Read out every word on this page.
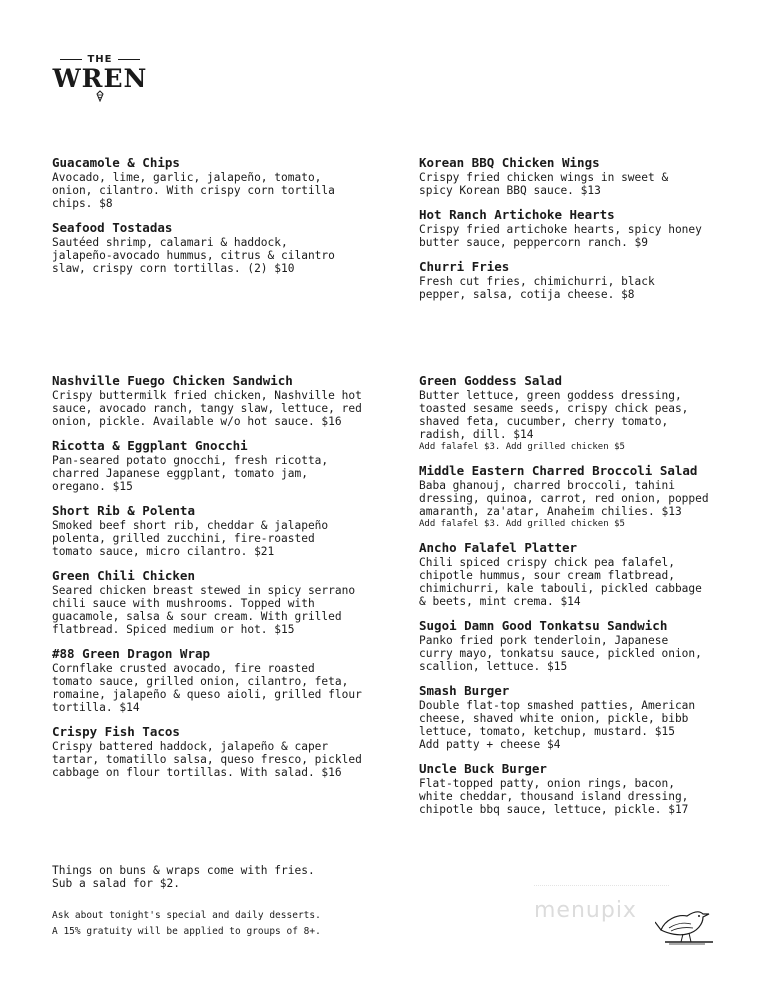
THE
WREN
Guacamole & Chips
Avocado, lime, garlic, jalapeño, tomato,
onion, cilantro. With crispy corn tortilla
chips. $8
Seafood Tostadas
Sautéed shrimp, calamari & haddock,
jalapeño-avocado hummus, citrus & cilantro
slaw, crispy corn tortillas. (2) $10
Korean BBQ Chicken Wings
Crispy fried chicken wings in sweet &
spicy Korean BBQ sauce. $13
Hot Ranch Artichoke Hearts
Crispy fried artichoke hearts, spicy honey
butter sauce, peppercorn ranch. $9
Churri Fries
Fresh cut fries, chimichurri, black
pepper, salsa, cotija cheese. $8
Nashville Fuego Chicken Sandwich
Crispy buttermilk fried chicken, Nashville hot
sauce, avocado ranch, tangy slaw, lettuce, red
onion, pickle. Available w/o hot sauce. $16
Ricotta & Eggplant Gnocchi
Pan-seared potato gnocchi, fresh ricotta,
charred Japanese eggplant, tomato jam,
oregano. $15
Short Rib & Polenta
Smoked beef short rib, cheddar & jalapeño
polenta, grilled zucchini, fire-roasted
tomato sauce, micro cilantro. $21
Green Chili Chicken
Seared chicken breast stewed in spicy serrano
chili sauce with mushrooms. Topped with
guacamole, salsa & sour cream. With grilled
flatbread. Spiced medium or hot. $15
#88 Green Dragon Wrap
Cornflake crusted avocado, fire roasted
tomato sauce, grilled onion, cilantro, feta,
romaine, jalapeño & queso aioli, grilled flour
tortilla. $14
Crispy Fish Tacos
Crispy battered haddock, jalapeño & caper
tartar, tomatillo salsa, queso fresco, pickled
cabbage on flour tortillas. With salad. $16
Green Goddess Salad
Butter lettuce, green goddess dressing,
toasted sesame seeds, crispy chick peas,
shaved feta, cucumber, cherry tomato,
radish, dill. $14
Add falafel $3. Add grilled chicken $5
Middle Eastern Charred Broccoli Salad
Baba ghanouj, charred broccoli, tahini
dressing, quinoa, carrot, red onion, popped
amaranth, za'atar, Anaheim chilies. $13
Add falafel $3. Add grilled chicken $5
Ancho Falafel Platter
Chili spiced crispy chick pea falafel,
chipotle hummus, sour cream flatbread,
chimichurri, kale tabouli, pickled cabbage
& beets, mint crema. $14
Sugoi Damn Good Tonkatsu Sandwich
Panko fried pork tenderloin, Japanese
curry mayo, tonkatsu sauce, pickled onion,
scallion, lettuce. $15
Smash Burger
Double flat-top smashed patties, American
cheese, shaved white onion, pickle, bibb
lettuce, tomato, ketchup, mustard. $15
Add patty + cheese $4
Uncle Buck Burger
Flat-topped patty, onion rings, bacon,
white cheddar, thousand island dressing,
chipotle bbq sauce, lettuce, pickle. $17
Things on buns & wraps come with fries.
Sub a salad for $2.
Ask about tonight's special and daily desserts.
A 15% gratuity will be applied to groups of 8+.
menupix
